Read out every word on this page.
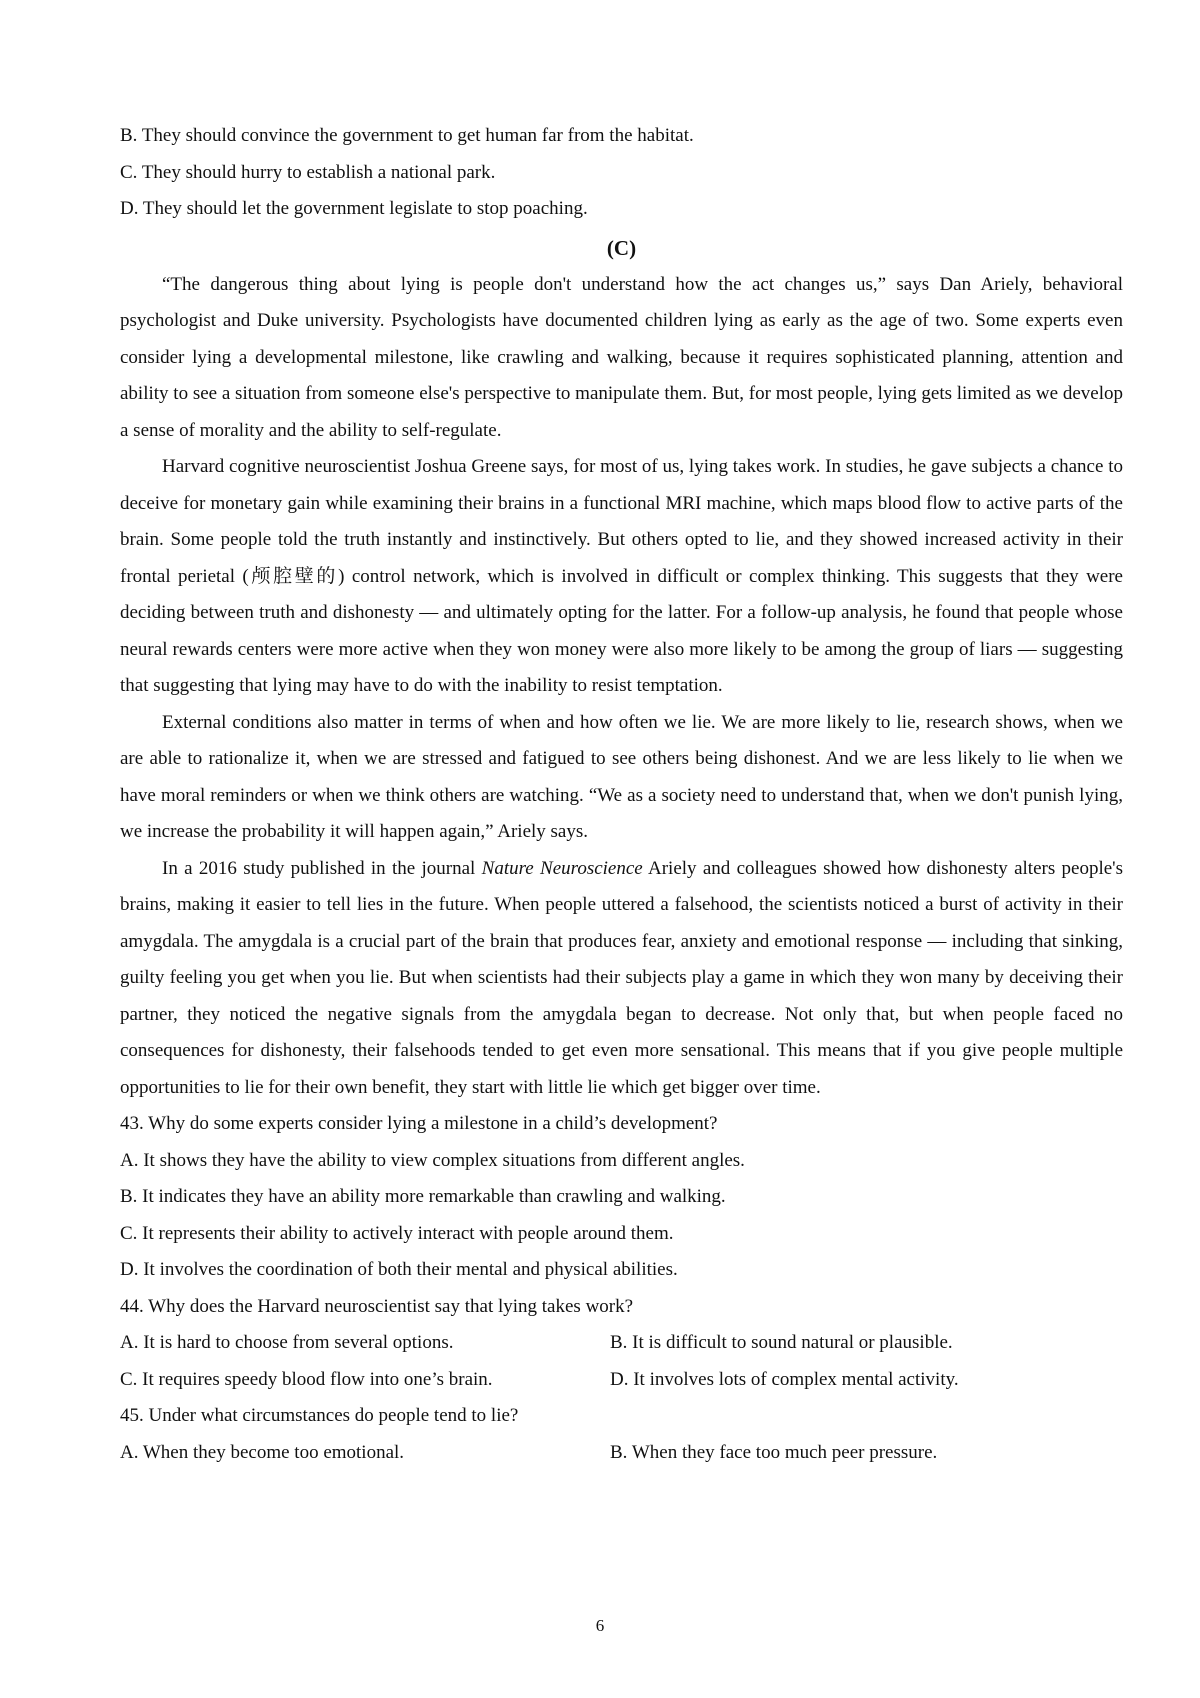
B. They should convince the government to get human far from the habitat.
C. They should hurry to establish a national park.
D. They should let the government legislate to stop poaching.
(C)

“The dangerous thing about lying is people don't understand how the act changes us,” says Dan Ariely, behavioral psychologist and Duke university. Psychologists have documented children lying as early as the age of two. Some experts even consider lying a developmental milestone, like crawling and walking, because it requires sophisticated planning, attention and ability to see a situation from someone else's perspective to manipulate them. But, for most people, lying gets limited as we develop a sense of morality and the ability to self-regulate.

Harvard cognitive neuroscientist Joshua Greene says, for most of us, lying takes work. In studies, he gave subjects a chance to deceive for monetary gain while examining their brains in a functional MRI machine, which maps blood flow to active parts of the brain. Some people told the truth instantly and instinctively. But others opted to lie, and they showed increased activity in their frontal perietal (颅腔壁的) control network, which is involved in difficult or complex thinking. This suggests that they were deciding between truth and dishonesty — and ultimately opting for the latter. For a follow-up analysis, he found that people whose neural rewards centers were more active when they won money were also more likely to be among the group of liars — suggesting that suggesting that lying may have to do with the inability to resist temptation.

External conditions also matter in terms of when and how often we lie. We are more likely to lie, research shows, when we are able to rationalize it, when we are stressed and fatigued to see others being dishonest. And we are less likely to lie when we have moral reminders or when we think others are watching. “We as a society need to understand that, when we don't punish lying, we increase the probability it will happen again,” Ariely says.

In a 2016 study published in the journal Nature Neuroscience Ariely and colleagues showed how dishonesty alters people's brains, making it easier to tell lies in the future. When people uttered a falsehood, the scientists noticed a burst of activity in their amygdala. The amygdala is a crucial part of the brain that produces fear, anxiety and emotional response — including that sinking, guilty feeling you get when you lie. But when scientists had their subjects play a game in which they won many by deceiving their partner, they noticed the negative signals from the amygdala began to decrease. Not only that, but when people faced no consequences for dishonesty, their falsehoods tended to get even more sensational. This means that if you give people multiple opportunities to lie for their own benefit, they start with little lie which get bigger over time.

43. Why do some experts consider lying a milestone in a child’s development?
A. It shows they have the ability to view complex situations from different angles.
B. It indicates they have an ability more remarkable than crawling and walking.
C. It represents their ability to actively interact with people around them.
D. It involves the coordination of both their mental and physical abilities.
44. Why does the Harvard neuroscientist say that lying takes work?
A. It is hard to choose from several options.	B. It is difficult to sound natural or plausible.
C. It requires speedy blood flow into one’s brain.	D. It involves lots of complex mental activity.
45. Under what circumstances do people tend to lie?
A. When they become too emotional.	B. When they face too much peer pressure.
6
